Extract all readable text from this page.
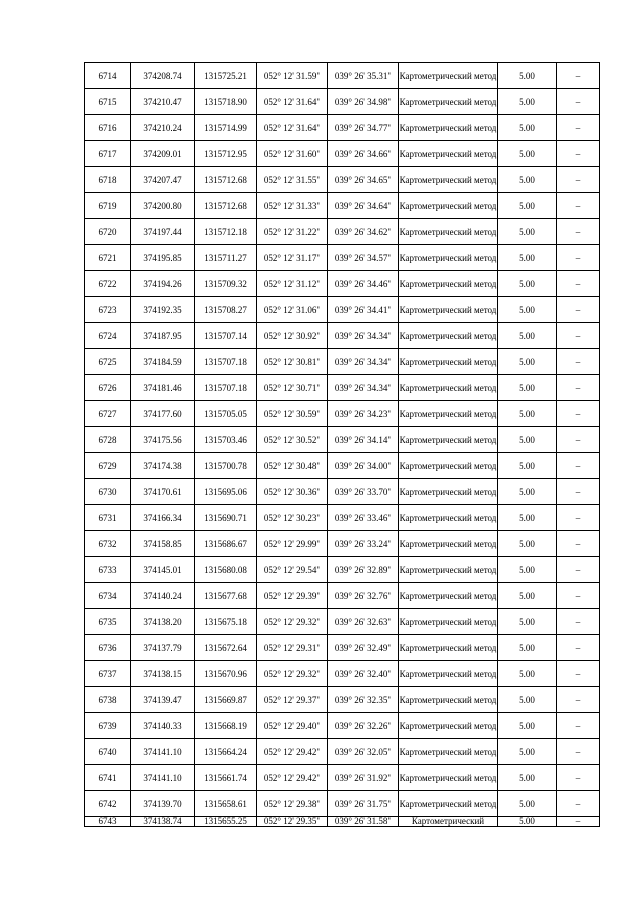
6714	374208.74	1315725.21	052° 12' 31.59"	039° 26' 35.31"	Картометрический метод	5.00	–
6715	374210.47	1315718.90	052° 12' 31.64"	039° 26' 34.98"	Картометрический метод	5.00	–
6716	374210.24	1315714.99	052° 12' 31.64"	039° 26' 34.77"	Картометрический метод	5.00	–
6717	374209.01	1315712.95	052° 12' 31.60"	039° 26' 34.66"	Картометрический метод	5.00	–
6718	374207.47	1315712.68	052° 12' 31.55"	039° 26' 34.65"	Картометрический метод	5.00	–
6719	374200.80	1315712.68	052° 12' 31.33"	039° 26' 34.64"	Картометрический метод	5.00	–
6720	374197.44	1315712.18	052° 12' 31.22"	039° 26' 34.62"	Картометрический метод	5.00	–
6721	374195.85	1315711.27	052° 12' 31.17"	039° 26' 34.57"	Картометрический метод	5.00	–
6722	374194.26	1315709.32	052° 12' 31.12"	039° 26' 34.46"	Картометрический метод	5.00	–
6723	374192.35	1315708.27	052° 12' 31.06"	039° 26' 34.41"	Картометрический метод	5.00	–
6724	374187.95	1315707.14	052° 12' 30.92"	039° 26' 34.34"	Картометрический метод	5.00	–
6725	374184.59	1315707.18	052° 12' 30.81"	039° 26' 34.34"	Картометрический метод	5.00	–
6726	374181.46	1315707.18	052° 12' 30.71"	039° 26' 34.34"	Картометрический метод	5.00	–
6727	374177.60	1315705.05	052° 12' 30.59"	039° 26' 34.23"	Картометрический метод	5.00	–
6728	374175.56	1315703.46	052° 12' 30.52"	039° 26' 34.14"	Картометрический метод	5.00	–
6729	374174.38	1315700.78	052° 12' 30.48"	039° 26' 34.00"	Картометрический метод	5.00	–
6730	374170.61	1315695.06	052° 12' 30.36"	039° 26' 33.70"	Картометрический метод	5.00	–
6731	374166.34	1315690.71	052° 12' 30.23"	039° 26' 33.46"	Картометрический метод	5.00	–
6732	374158.85	1315686.67	052° 12' 29.99"	039° 26' 33.24"	Картометрический метод	5.00	–
6733	374145.01	1315680.08	052° 12' 29.54"	039° 26' 32.89"	Картометрический метод	5.00	–
6734	374140.24	1315677.68	052° 12' 29.39"	039° 26' 32.76"	Картометрический метод	5.00	–
6735	374138.20	1315675.18	052° 12' 29.32"	039° 26' 32.63"	Картометрический метод	5.00	–
6736	374137.79	1315672.64	052° 12' 29.31"	039° 26' 32.49"	Картометрический метод	5.00	–
6737	374138.15	1315670.96	052° 12' 29.32"	039° 26' 32.40"	Картометрический метод	5.00	–
6738	374139.47	1315669.87	052° 12' 29.37"	039° 26' 32.35"	Картометрический метод	5.00	–
6739	374140.33	1315668.19	052° 12' 29.40"	039° 26' 32.26"	Картометрический метод	5.00	–
6740	374141.10	1315664.24	052° 12' 29.42"	039° 26' 32.05"	Картометрический метод	5.00	–
6741	374141.10	1315661.74	052° 12' 29.42"	039° 26' 31.92"	Картометрический метод	5.00	–
6742	374139.70	1315658.61	052° 12' 29.38"	039° 26' 31.75"	Картометрический метод	5.00	–
6743	374138.74	1315655.25	052° 12' 29.35"	039° 26' 31.58"	Картометрический	5.00	–
